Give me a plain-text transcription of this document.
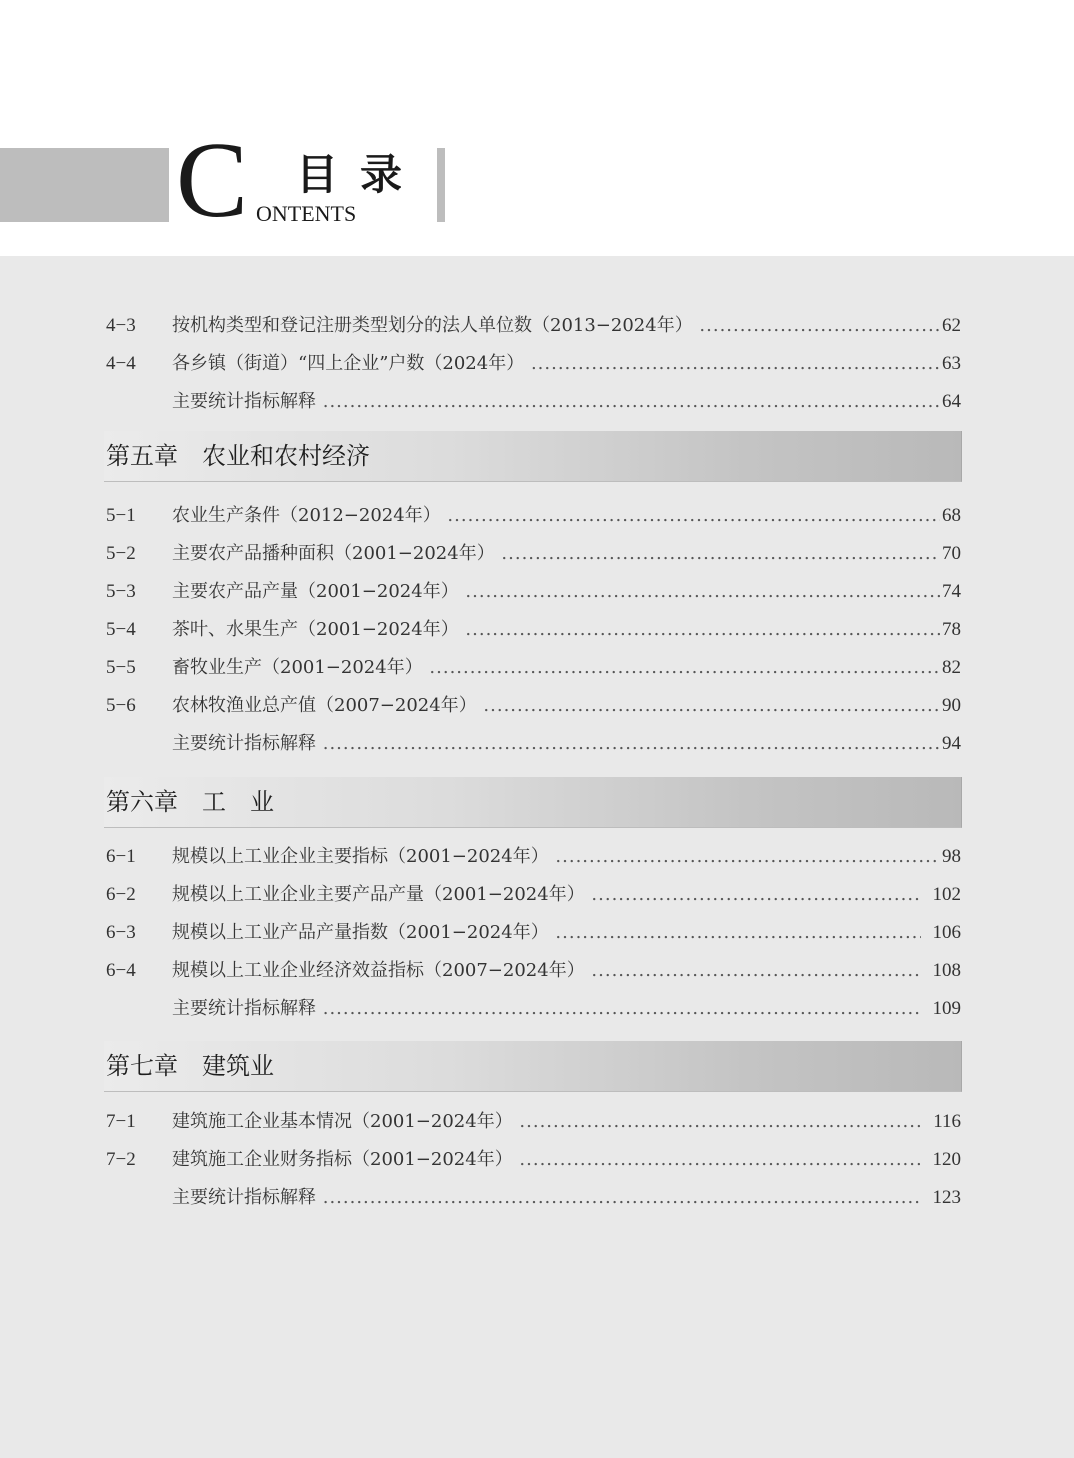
C 目录
ONTENTS
4−3	按机构类型和登记注册类型划分的法人单位数（2013−2024年） .....	62
4−4	各乡镇（街道）“四上企业”户数（2024年） .....	63
主要统计指标解释 .....	64
第五章　农业和农村经济
5−1	农业生产条件（2012−2024年） .....	68
5−2	主要农产品播种面积（2001−2024年） .....	70
5−3	主要农产品产量（2001−2024年） .....	74
5−4	茶叶、水果生产（2001−2024年） .....	78
5−5	畜牧业生产（2001−2024年） .....	82
5−6	农林牧渔业总产值（2007−2024年） .....	90
主要统计指标解释 .....	94
第六章　工　业
6−1	规模以上工业企业主要指标（2001−2024年） .....	98
6−2	规模以上工业企业主要产品产量（2001−2024年） .....	102
6−3	规模以上工业产品产量指数（2001−2024年） .....	106
6−4	规模以上工业企业经济效益指标（2007−2024年） .....	108
主要统计指标解释 .....	109
第七章　建筑业
7−1	建筑施工企业基本情况（2001−2024年） .....	116
7−2	建筑施工企业财务指标（2001−2024年） .....	120
主要统计指标解释 .....	123
